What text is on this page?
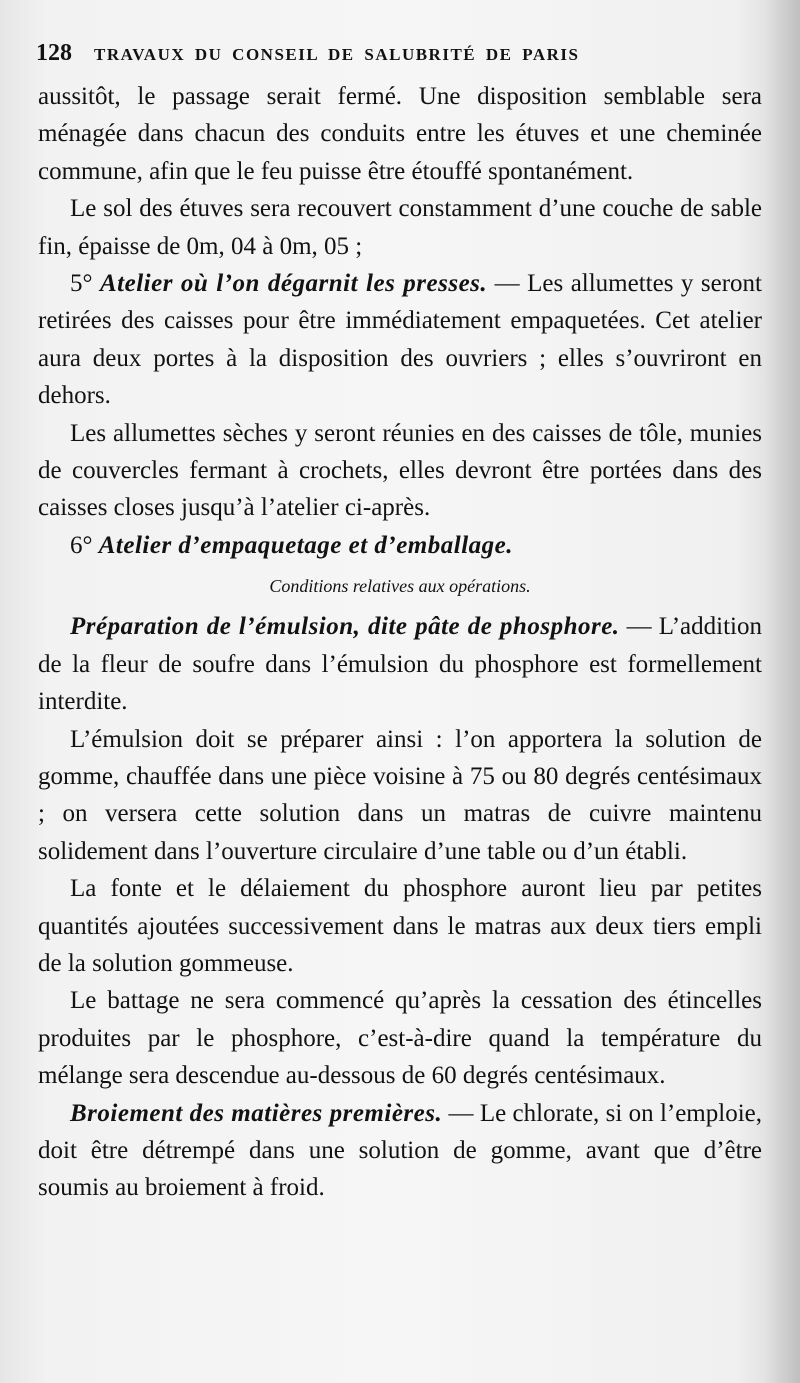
128 TRAVAUX DU CONSEIL DE SALUBRITÉ DE PARIS

aussitôt, le passage serait fermé. Une disposition semblable sera ménagée dans chacun des conduits entre les étuves et une cheminée commune, afin que le feu puisse être étouffé spontanément.

Le sol des étuves sera recouvert constamment d’une couche de sable fin, épaisse de 0m, 04 à 0m, 05 ;

5° Atelier où l’on dégarnit les presses. — Les allumettes y seront retirées des caisses pour être immédiatement empaquetées. Cet atelier aura deux portes à la disposition des ouvriers ; elles s’ouvriront en dehors.

Les allumettes sèches y seront réunies en des caisses de tôle, munies de couvercles fermant à crochets, elles devront être portées dans des caisses closes jusqu’à l’atelier ci-après.

6° Atelier d’empaquetage et d’emballage.

Conditions relatives aux opérations.

Préparation de l’émulsion, dite pâte de phosphore. — L’addition de la fleur de soufre dans l’émulsion du phosphore est formellement interdite.

L’émulsion doit se préparer ainsi : l’on apportera la solution de gomme, chauffée dans une pièce voisine à 75 ou 80 degrés centésimaux ; on versera cette solution dans un matras de cuivre maintenu solidement dans l’ouverture circulaire d’une table ou d’un établi.

La fonte et le délaiement du phosphore auront lieu par petites quantités ajoutées successivement dans le matras aux deux tiers empli de la solution gommeuse.

Le battage ne sera commencé qu’après la cessation des étincelles produites par le phosphore, c’est-à-dire quand la température du mélange sera descendue au-dessous de 60 degrés centésimaux.

Broiement des matières premières. — Le chlorate, si on l’emploie, doit être détrempé dans une solution de gomme, avant que d’être soumis au broiement à froid.
